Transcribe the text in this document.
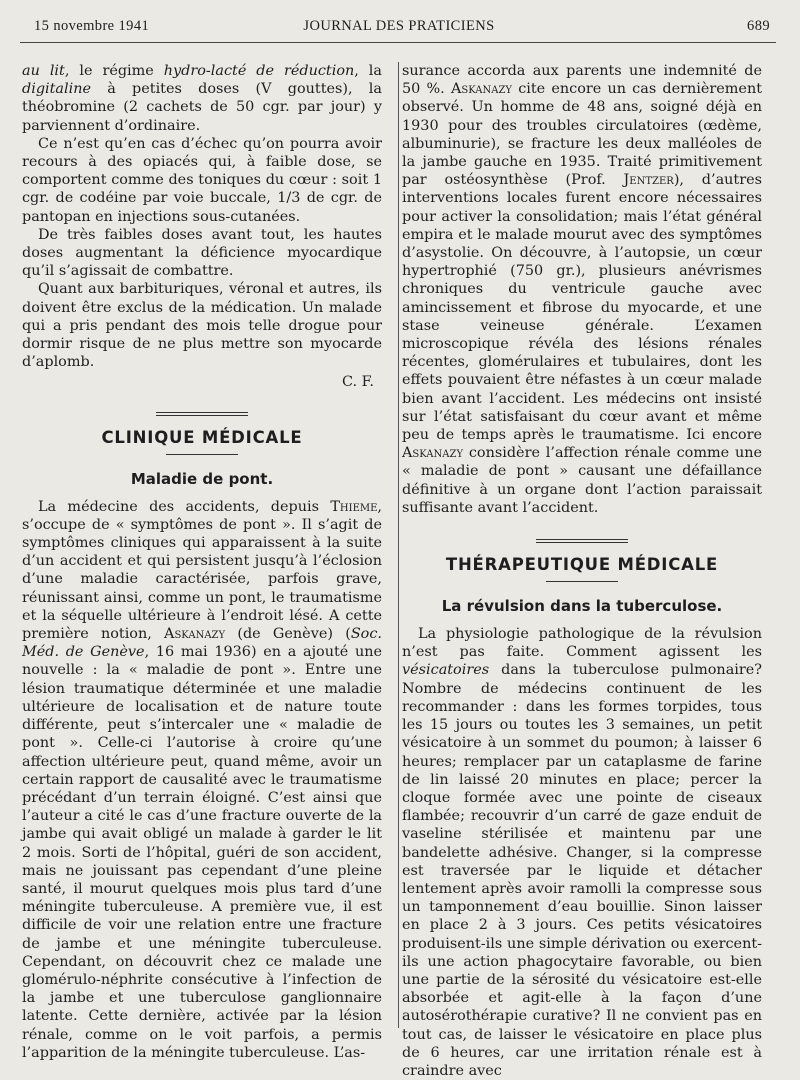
15 novembre 1941	JOURNAL DES PRATICIENS	689

au lit, le régime hydro-lacté de réduction, la digitaline à petites doses (V gouttes), la théobromine (2 cachets de 50 cgr. par jour) y parviennent d’ordinaire.

Ce n’est qu’en cas d’échec qu’on pourra avoir recours à des opiacés qui, à faible dose, se comportent comme des toniques du cœur : soit 1 cgr. de codéine par voie buccale, 1/3 de cgr. de pantopan en injections sous-cutanées.

De très faibles doses avant tout, les hautes doses augmentant la déficience myocardique qu’il s’agissait de combattre.

Quant aux barbituriques, véronal et autres, ils doivent être exclus de la médication. Un malade qui a pris pendant des mois telle drogue pour dormir risque de ne plus mettre son myocarde d’aplomb.

C. F.

CLINIQUE MÉDICALE
Maladie de pont.

La médecine des accidents, depuis Thieme, s’occupe de « symptômes de pont ». Il s’agit de symptômes cliniques qui apparaissent à la suite d’un accident et qui persistent jusqu’à l’éclosion d’une maladie caractérisée, parfois grave, réunissant ainsi, comme un pont, le traumatisme et la séquelle ultérieure à l’endroit lésé. A cette première notion, Askanazy (de Genève) (Soc. Méd. de Genève, 16 mai 1936) en a ajouté une nouvelle : la « maladie de pont ». Entre une lésion traumatique déterminée et une maladie ultérieure de localisation et de nature toute différente, peut s’intercaler une « maladie de pont ». Celle-ci l’autorise à croire qu’une affection ultérieure peut, quand même, avoir un certain rapport de causalité avec le traumatisme précédant d’un terrain éloigné. C’est ainsi que l’auteur a cité le cas d’une fracture ouverte de la jambe qui avait obligé un malade à garder le lit 2 mois. Sorti de l’hôpital, guéri de son accident, mais ne jouissant pas cependant d’une pleine santé, il mourut quelques mois plus tard d’une méningite tuberculeuse. A première vue, il est difficile de voir une relation entre une fracture de jambe et une méningite tuberculeuse. Cependant, on découvrit chez ce malade une glomérulo-néphrite consécutive à l’infection de la jambe et une tuberculose ganglionnaire latente. Cette dernière, activée par la lésion rénale, comme on le voit parfois, a permis l’apparition de la méningite tuberculeuse. L’as-

surance accorda aux parents une indemnité de 50 %. Askanazy cite encore un cas dernièrement observé. Un homme de 48 ans, soigné déjà en 1930 pour des troubles circulatoires (œdème, albuminurie), se fracture les deux malléoles de la jambe gauche en 1935. Traité primitivement par ostéosynthèse (Prof. Jentzer), d’autres interventions locales furent encore nécessaires pour activer la consolidation; mais l’état général empira et le malade mourut avec des symptômes d’asystolie. On découvre, à l’autopsie, un cœur hypertrophié (750 gr.), plusieurs anévrismes chroniques du ventricule gauche avec amincissement et fibrose du myocarde, et une stase veineuse générale. L’examen microscopique révéla des lésions rénales récentes, glomérulaires et tubulaires, dont les effets pouvaient être néfastes à un cœur malade bien avant l’accident. Les médecins ont insisté sur l’état satisfaisant du cœur avant et même peu de temps après le traumatisme. Ici encore Askanazy considère l’affection rénale comme une « maladie de pont » causant une défaillance définitive à un organe dont l’action paraissait suffisante avant l’accident.

THÉRAPEUTIQUE MÉDICALE
La révulsion dans la tuberculose.

La physiologie pathologique de la révulsion n’est pas faite. Comment agissent les vésicatoires dans la tuberculose pulmonaire? Nombre de médecins continuent de les recommander : dans les formes torpides, tous les 15 jours ou toutes les 3 semaines, un petit vésicatoire à un sommet du poumon; à laisser 6 heures; remplacer par un cataplasme de farine de lin laissé 20 minutes en place; percer la cloque formée avec une pointe de ciseaux flambée; recouvrir d’un carré de gaze enduit de vaseline stérilisée et maintenu par une bandelette adhésive. Changer, si la compresse est traversée par le liquide et détacher lentement après avoir ramolli la compresse sous un tamponnement d’eau bouillie. Sinon laisser en place 2 à 3 jours. Ces petits vésicatoires produisent-ils une simple dérivation ou exercent-ils une action phagocytaire favorable, ou bien une partie de la sérosité du vésicatoire est-elle absorbée et agit-elle à la façon d’une autosérothérapie curative? Il ne convient pas en tout cas, de laisser le vésicatoire en place plus de 6 heures, car une irritation rénale est à craindre avec
